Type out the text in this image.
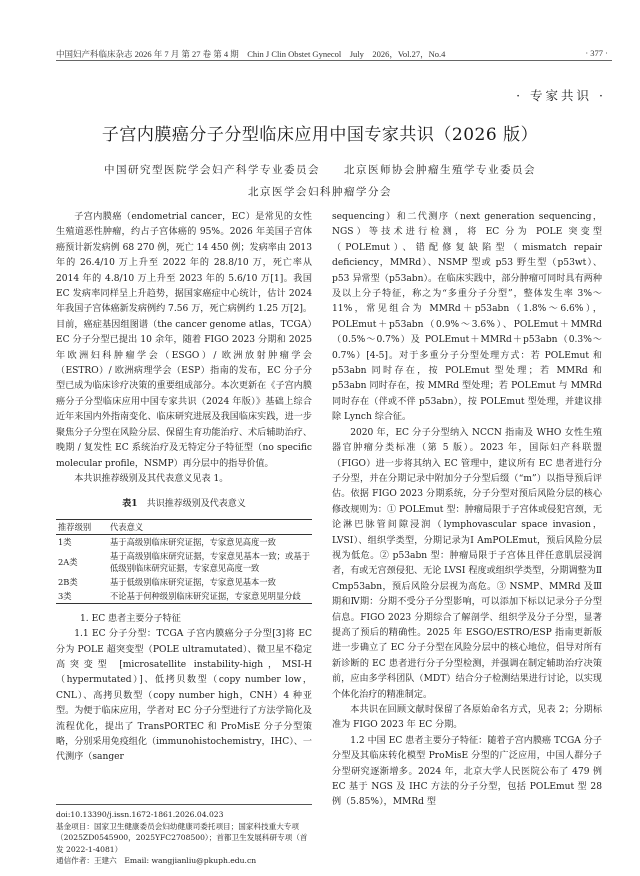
中国妇产科临床杂志 2026 年 7 月 第 27 卷 第 4 期　Chin J Clin Obstet Gynecol　July　2026，Vol.27，No.4	· 377 ·
· 专家共识 ·
子宫内膜癌分子分型临床应用中国专家共识（2026 版）
中国研究型医院学会妇产科学专业委员会　　北京医师协会肿瘤生殖学专业委员会
北京医学会妇科肿瘤学分会

子宫内膜癌（endometrial cancer，EC）是常见的女性生殖道恶性肿瘤，约占子宫体癌的 95%。2026 年美国子宫体癌预计新发病例 68 270 例，死亡 14 450 例；发病率由 2013 年的 26.4/10 万上升至 2022 年的 28.8/10 万，死亡率从 2014 年的 4.8/10 万上升至 2023 年的 5.6/10 万[1]。我国 EC 发病率同样呈上升趋势，据国家癌症中心统计，估计 2024 年我国子宫体癌新发病例约 7.56 万，死亡病例约 1.25 万[2]。目前，癌症基因组图谱（the cancer genome atlas，TCGA）EC 分子分型已提出 10 余年，随着 FIGO 2023 分期和 2025 年欧洲妇科肿瘤学会（ESGO）/ 欧洲放射肿瘤学会（ESTRO）/ 欧洲病理学会（ESP）指南的发布，EC 分子分型已成为临床诊疗决策的重要组成部分。本次更新在《子宫内膜癌分子分型临床应用中国专家共识（2024 年版）》基础上综合近年来国内外指南变化、临床研究进展及我国临床实践，进一步聚焦分子分型在风险分层、保留生育功能治疗、术后辅助治疗、晚期 / 复发性 EC 系统治疗及无特定分子特征型（no specific molecular profile，NSMP）再分层中的指导价值。

本共识推荐级别及其代表意义见表 1。

表1 共识推荐级别及代表意义
推荐级别	代表意义
1类	基于高级别临床研究证据，专家意见高度一致
2A类	基于高级别临床研究证据，专家意见基本一致；或基于低级别临床研究证据，专家意见高度一致
2B类	基于低级别临床研究证据，专家意见基本一致
3类	不论基于何种级别临床研究证据，专家意见明显分歧

1. EC 患者主要分子特征

1.1 EC 分子分型：TCGA 子宫内膜癌分子分型[3]将 EC 分为 POLE 超突变型（POLE ultramutated）、微卫星不稳定高突变型 [microsatellite instability-high，MSI-H（hypermutated）]、低拷贝数型（copy number low，CNL）、高拷贝数型（copy number high，CNH）4 种亚型。为便于临床应用，学者对 EC 分子分型进行了方法学简化及流程优化，提出了 TransPORTEC 和 ProMisE 分子分型策略，分别采用免疫组化（immunohistochemistry，IHC）、一代测序（sanger

sequencing）和二代测序（next generation sequencing，NGS）等技术进行检测，将 EC 分为 POLE 突变型（POLEmut）、错配修复缺陷型（mismatch repair deficiency，MMRd）、NSMP 型或 p53 野生型（p53wt）、p53 异常型（p53abn）。在临床实践中，部分肿瘤可同时具有两种及以上分子特征，称之为“多重分子分型”，整体发生率 3%～11%，常见组合为 MMRd＋p53abn（1.8%～6.6%），POLEmut＋p53abn（0.9%～3.6%）、POLEmut＋MMRd（0.5%～0.7%）及 POLEmut＋MMRd＋p53abn（0.3%～0.7%）[4-5]。对于多重分子分型处理方式：若 POLEmut 和 p53abn 同时存在，按 POLEmut 型处理；若 MMRd 和 p53abn 同时存在，按 MMRd 型处理；若 POLEmut 与 MMRd 同时存在（伴或不伴 p53abn），按 POLEmut 型处理，并建议排除 Lynch 综合征。

2020 年，EC 分子分型纳入 NCCN 指南及 WHO 女性生殖器官肿瘤分类标准（第 5 版）。2023 年，国际妇产科联盟（FIGO）进一步将其纳入 EC 管理中，建议所有 EC 患者进行分子分型，并在分期记录中附加分子分型后缀（“m”）以指导预后评估。依据 FIGO 2023 分期系统，分子分型对预后风险分层的核心修改规则为：① POLEmut 型：肿瘤局限于子宫体或侵犯宫颈，无论淋巴脉管间隙浸润（lymphovascular space invasion，LVSI）、组织学类型，分期记录为Ⅰ AmPOLEmut，预后风险分层视为低危。② p53abn 型：肿瘤局限于子宫体且伴任意肌层浸润者，有或无宫颈侵犯、无论 LVSI 程度或组织学类型，分期调整为Ⅱ Cmp53abn，预后风险分层视为高危。③ NSMP、MMRd 及Ⅲ期和Ⅳ期：分期不受分子分型影响，可以添加下标以记录分子分型信息。FIGO 2023 分期综合了解剖学、组织学及分子分型，显著提高了预后的精确性。2025 年 ESGO/ESTRO/ESP 指南更新版进一步确立了 EC 分子分型在风险分层中的核心地位，倡导对所有新诊断的 EC 患者进行分子分型检测，并强调在制定辅助治疗决策前，应由多学科团队（MDT）结合分子检测结果进行讨论，以实现个体化治疗的精准制定。

本共识在回顾文献时保留了各原始命名方式，见表 2；分期标准为 FIGO 2023 年 EC 分期。

1.2 中国 EC 患者主要分子特征：随着子宫内膜癌 TCGA 分子分型及其临床转化模型 ProMisE 分型的广泛应用，中国人群分子分型研究逐渐增多。2024 年，北京大学人民医院公布了 479 例 EC 基于 NGS 及 IHC 方法的分子分型，包括 POLEmut 型 28 例（5.85%），MMRd 型

doi:10.13390/j.issn.1672-1861.2026.04.023
基金项目：国家卫生健康委员会妇幼健康司委托项目；国家科技重大专项（2025ZD0545900，2025YFC2708500）；首都卫生发展科研专项（首发 2022-1-4081）
通信作者：王建六　Email: wangjianliu@pkuph.edu.cn
